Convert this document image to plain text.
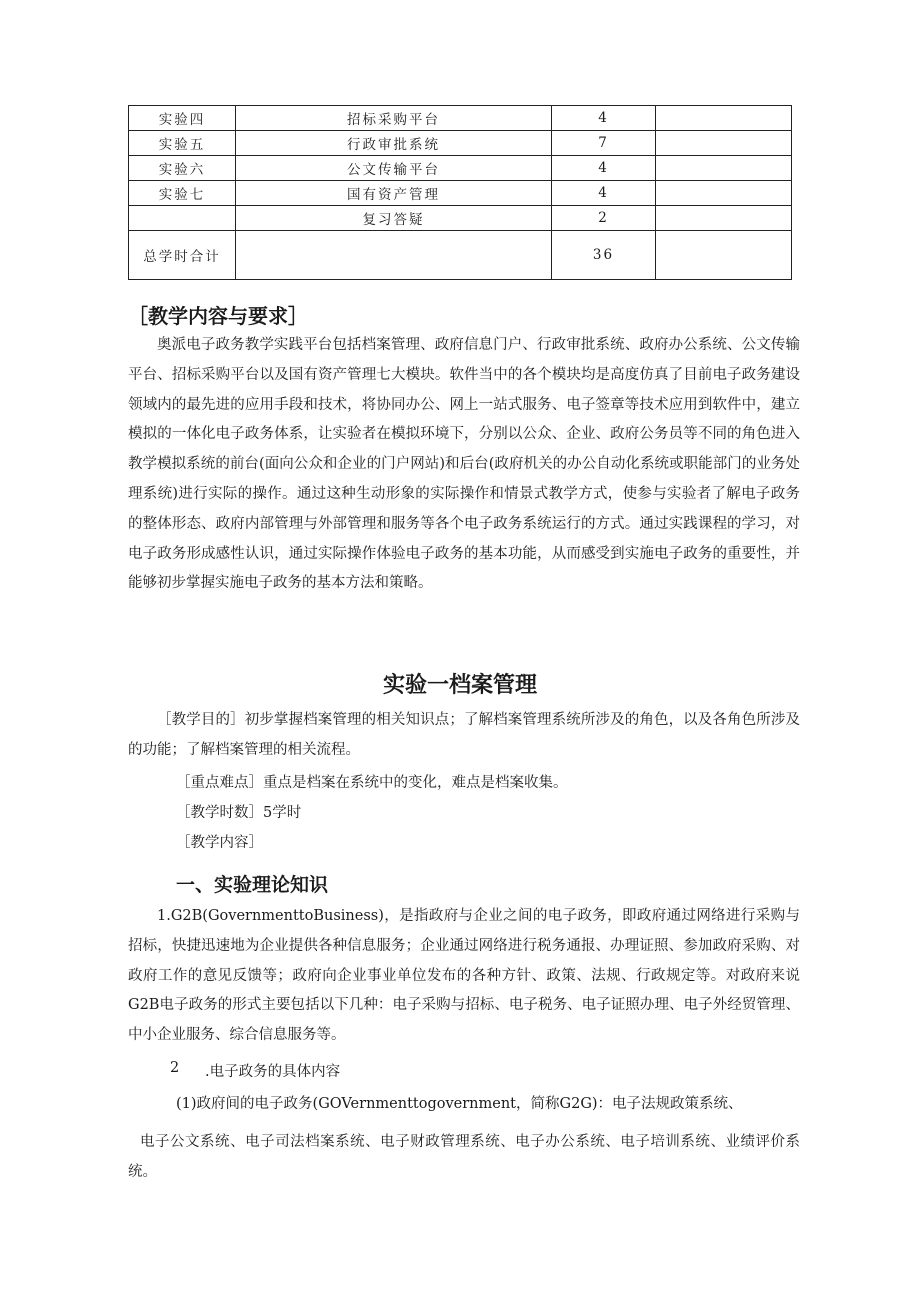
实验四	招标采购平台	4	
实验五	行政审批系统	7	
实验六	公文传输平台	4	
实验七	国有资产管理	4	
	复习答疑	2	
总学时合计		36	
［教学内容与要求］

奥派电子政务教学实践平台包括档案管理、政府信息门户、行政审批系统、政府办公系统、公文传输平台、招标采购平台以及国有资产管理七大模块。软件当中的各个模块均是高度仿真了目前电子政务建设领域内的最先进的应用手段和技术，将协同办公、网上一站式服务、电子签章等技术应用到软件中，建立模拟的一体化电子政务体系，让实验者在模拟环境下，分别以公众、企业、政府公务员等不同的角色进入教学模拟系统的前台(面向公众和企业的门户网站)和后台(政府机关的办公自动化系统或职能部门的业务处理系统)进行实际的操作。通过这种生动形象的实际操作和情景式教学方式，使参与实验者了解电子政务的整体形态、政府内部管理与外部管理和服务等各个电子政务系统运行的方式。通过实践课程的学习，对电子政务形成感性认识，通过实际操作体验电子政务的基本功能，从而感受到实施电子政务的重要性，并能够初步掌握实施电子政务的基本方法和策略。

实验一档案管理

［教学目的］初步掌握档案管理的相关知识点；了解档案管理系统所涉及的角色，以及各角色所涉及的功能；了解档案管理的相关流程。

［重点难点］重点是档案在系统中的变化，难点是档案收集。

［教学时数］5学时

［教学内容］

一、实验理论知识

1.G2B(GovernmenttoBusiness)，是指政府与企业之间的电子政务，即政府通过网络进行采购与招标，快捷迅速地为企业提供各种信息服务；企业通过网络进行税务通报、办理证照、参加政府采购、对政府工作的意见反馈等；政府向企业事业单位发布的各种方针、政策、法规、行政规定等。对政府来说G2B电子政务的形式主要包括以下几种：电子采购与招标、电子税务、电子证照办理、电子外经贸管理、中小企业服务、综合信息服务等。

2 .电子政务的具体内容

(1)政府间的电子政务(GOVernmenttogovernment，简称G2G)：电子法规政策系统、

电子公文系统、电子司法档案系统、电子财政管理系统、电子办公系统、电子培训系统、业绩评价系统。
